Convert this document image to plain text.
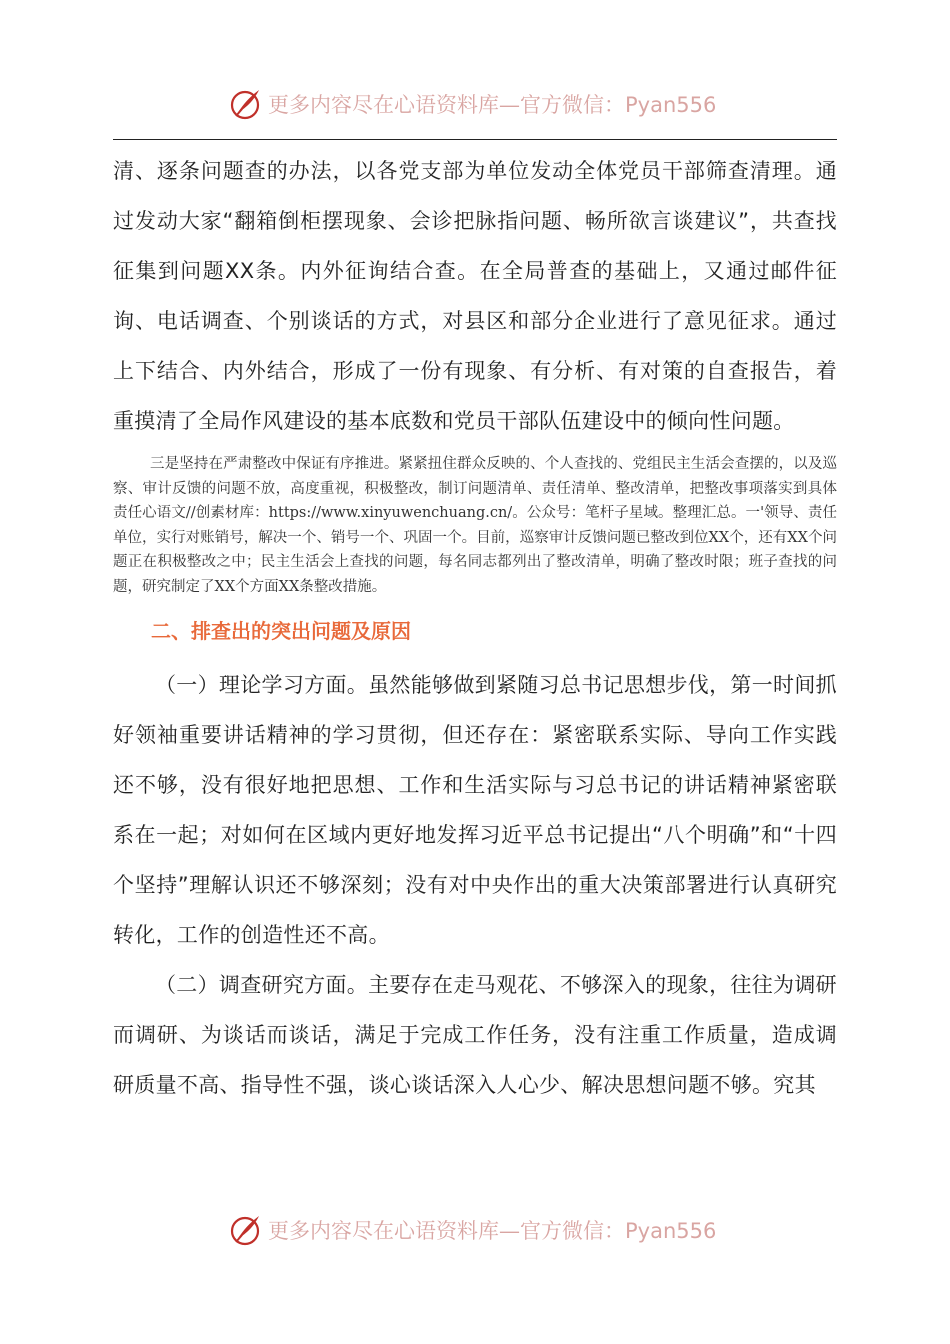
更多内容尽在心语资料库—官方微信：Pyan556

清、逐条问题查的办法，以各党支部为单位发动全体党员干部筛查清理。通过发动大家“翻箱倒柜摆现象、会诊把脉指问题、畅所欲言谈建议”，共查找征集到问题XX条。内外征询结合查。在全局普查的基础上，又通过邮件征询、电话调查、个别谈话的方式，对县区和部分企业进行了意见征求。通过上下结合、内外结合，形成了一份有现象、有分析、有对策的自查报告，着重摸清了全局作风建设的基本底数和党员干部队伍建设中的倾向性问题。

三是坚持在严肃整改中保证有序推进。紧紧扭住群众反映的、个人查找的、党组民主生活会查摆的，以及巡察、审计反馈的问题不放，高度重视，积极整改，制订问题清单、责任清单、整改清单，把整改事项落实到具体责任心语文//创素材库：https://www.xinyuwenchuang.cn/。公众号：笔杆子星域。整理汇总。一'领导、责任单位，实行对账销号，解决一个、销号一个、巩固一个。目前，巡察审计反馈问题已整改到位XX个，还有XX个问题正在积极整改之中；民主生活会上查找的问题，每名同志都列出了整改清单，明确了整改时限；班子查找的问题，研究制定了XX个方面XX条整改措施。

二、排查出的突出问题及原因

（一）理论学习方面。虽然能够做到紧随习总书记思想步伐，第一时间抓好领袖重要讲话精神的学习贯彻，但还存在：紧密联系实际、导向工作实践还不够，没有很好地把思想、工作和生活实际与习总书记的讲话精神紧密联系在一起；对如何在区域内更好地发挥习近平总书记提出“八个明确”和“十四个坚持”理解认识还不够深刻；没有对中央作出的重大决策部署进行认真研究转化，工作的创造性还不高。

（二）调查研究方面。主要存在走马观花、不够深入的现象，往往为调研而调研、为谈话而谈话，满足于完成工作任务，没有注重工作质量，造成调研质量不高、指导性不强，谈心谈话深入人心少、解决思想问题不够。究其

更多内容尽在心语资料库—官方微信：Pyan556
